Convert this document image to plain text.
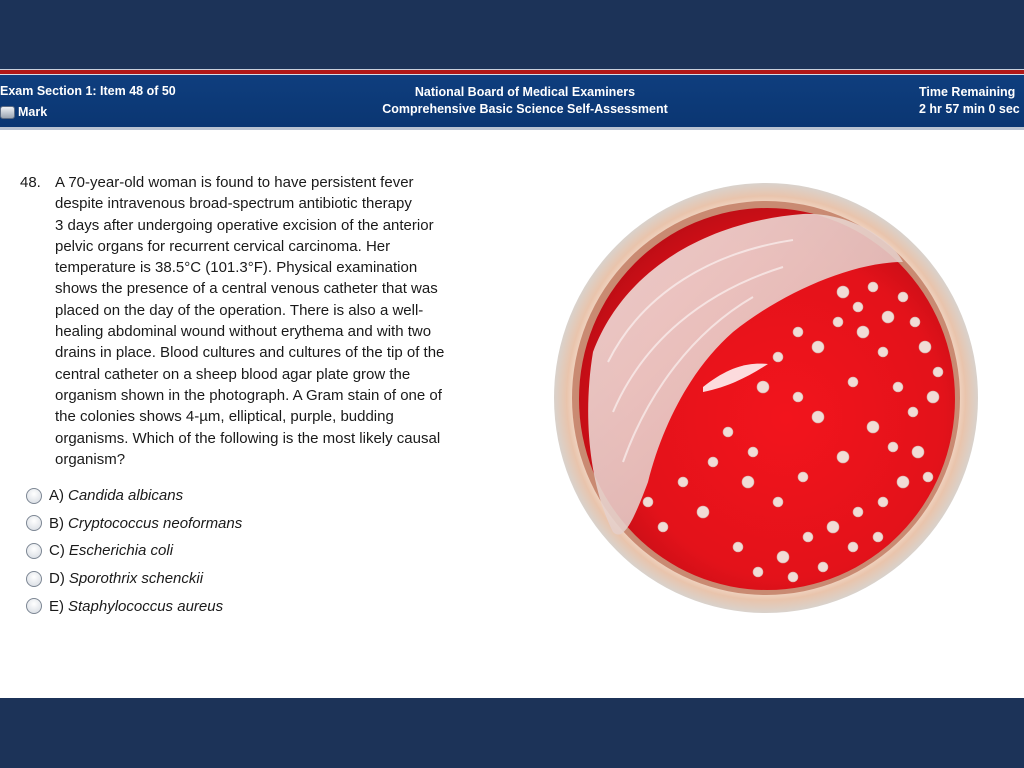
Exam Section 1: Item 48 of 50
Mark
National Board of Medical Examiners
Comprehensive Basic Science Self-Assessment
Time Remaining
2 hr 57 min 0 sec
48. A 70-year-old woman is found to have persistent fever
despite intravenous broad-spectrum antibiotic therapy
3 days after undergoing operative excision of the anterior
pelvic organs for recurrent cervical carcinoma. Her
temperature is 38.5°C (101.3°F). Physical examination
shows the presence of a central venous catheter that was
placed on the day of the operation. There is also a well-
healing abdominal wound without erythema and with two
drains in place. Blood cultures and cultures of the tip of the
central catheter on a sheep blood agar plate grow the
organism shown in the photograph. A Gram stain of one of
the colonies shows 4-µm, elliptical, purple, budding
organisms. Which of the following is the most likely causal
organism?
A) Candida albicans
B) Cryptococcus neoformans
C) Escherichia coli
D) Sporothrix schenckii
E) Staphylococcus aureus
